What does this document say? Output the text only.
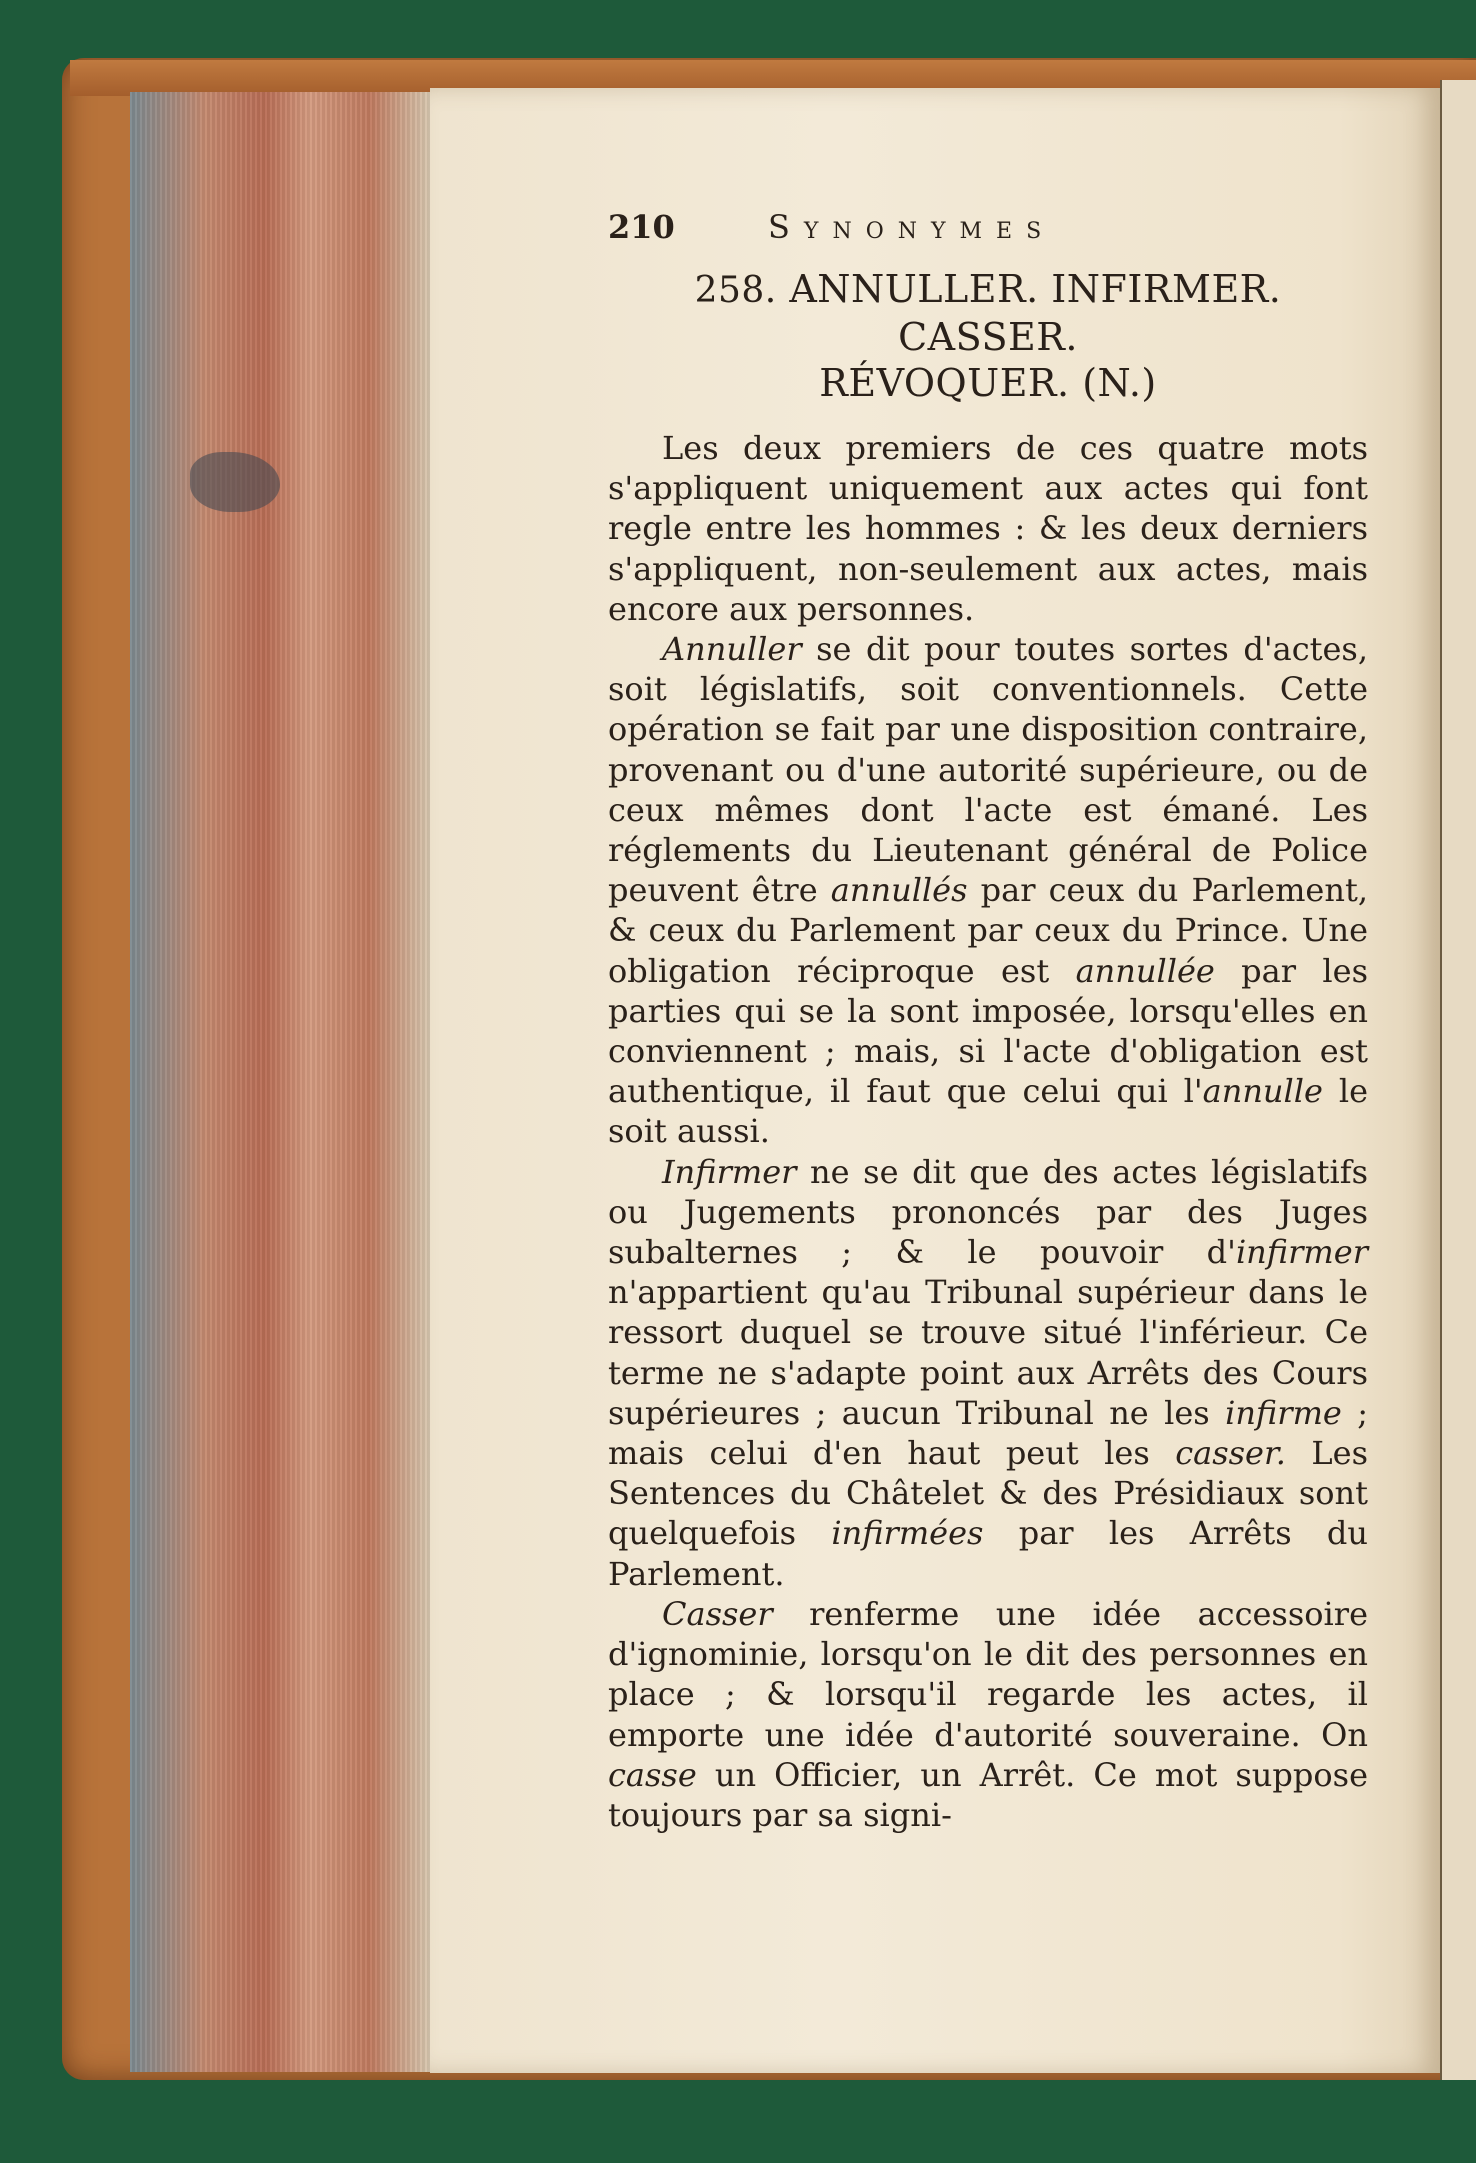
210	Synonymes
258. ANNULLER. INFIRMER. CASSER.
RÉVOQUER. (N.)

Les deux premiers de ces quatre mots s'appliquent uniquement aux actes qui font regle entre les hommes : & les deux derniers s'appliquent, non-seulement aux actes, mais encore aux personnes.

Annuller se dit pour toutes sortes d'actes, soit législatifs, soit conventionnels. Cette opération se fait par une disposition contraire, provenant ou d'une autorité supérieure, ou de ceux mêmes dont l'acte est émané. Les réglements du Lieutenant général de Police peuvent être annullés par ceux du Parlement, & ceux du Parlement par ceux du Prince. Une obligation réciproque est annullée par les parties qui se la sont imposée, lorsqu'elles en conviennent ; mais, si l'acte d'obligation est authentique, il faut que celui qui l'annulle le soit aussi.

Infirmer ne se dit que des actes législatifs ou Jugements prononcés par des Juges subalternes ; & le pouvoir d'infirmer n'appartient qu'au Tribunal supérieur dans le ressort duquel se trouve situé l'inférieur. Ce terme ne s'adapte point aux Arrêts des Cours supérieures ; aucun Tribunal ne les infirme ; mais celui d'en haut peut les casser. Les Sentences du Châtelet & des Présidiaux sont quelquefois infirmées par les Arrêts du Parlement.

Casser renferme une idée accessoire d'ignominie, lorsqu'on le dit des personnes en place ; & lorsqu'il regarde les actes, il emporte une idée d'autorité souveraine. On casse un Officier, un Arrêt. Ce mot suppose toujours par sa signi-
